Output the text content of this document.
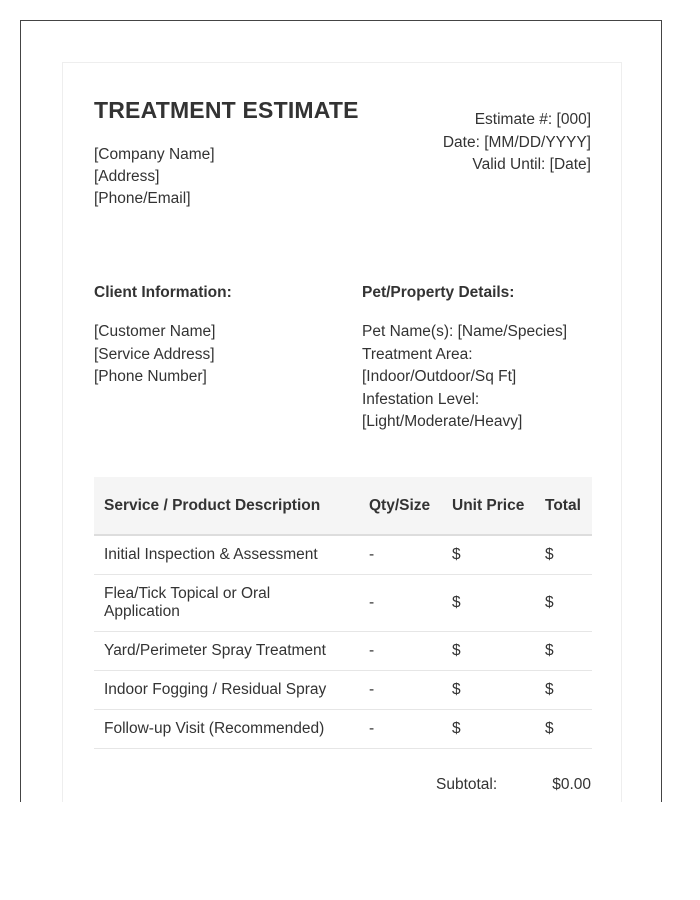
TREATMENT ESTIMATE
[Company Name]
[Address]
[Phone/Email]
Estimate #: [000]
Date: [MM/DD/YYYY]
Valid Until: [Date]
Client Information:	Pet/Property Details:
[Customer Name]
[Service Address]
[Phone Number]
Pet Name(s): [Name/Species]
Treatment Area:
[Indoor/Outdoor/Sq Ft]
Infestation Level:
[Light/Moderate/Heavy]
Service / Product Description	Qty/Size	Unit Price	Total
Initial Inspection & Assessment	-	$	$
Flea/Tick Topical or Oral Application	-	$	$
Yard/Perimeter Spray Treatment	-	$	$
Indoor Fogging / Residual Spray	-	$	$
Follow-up Visit (Recommended)	-	$	$
Subtotal:	$0.00
